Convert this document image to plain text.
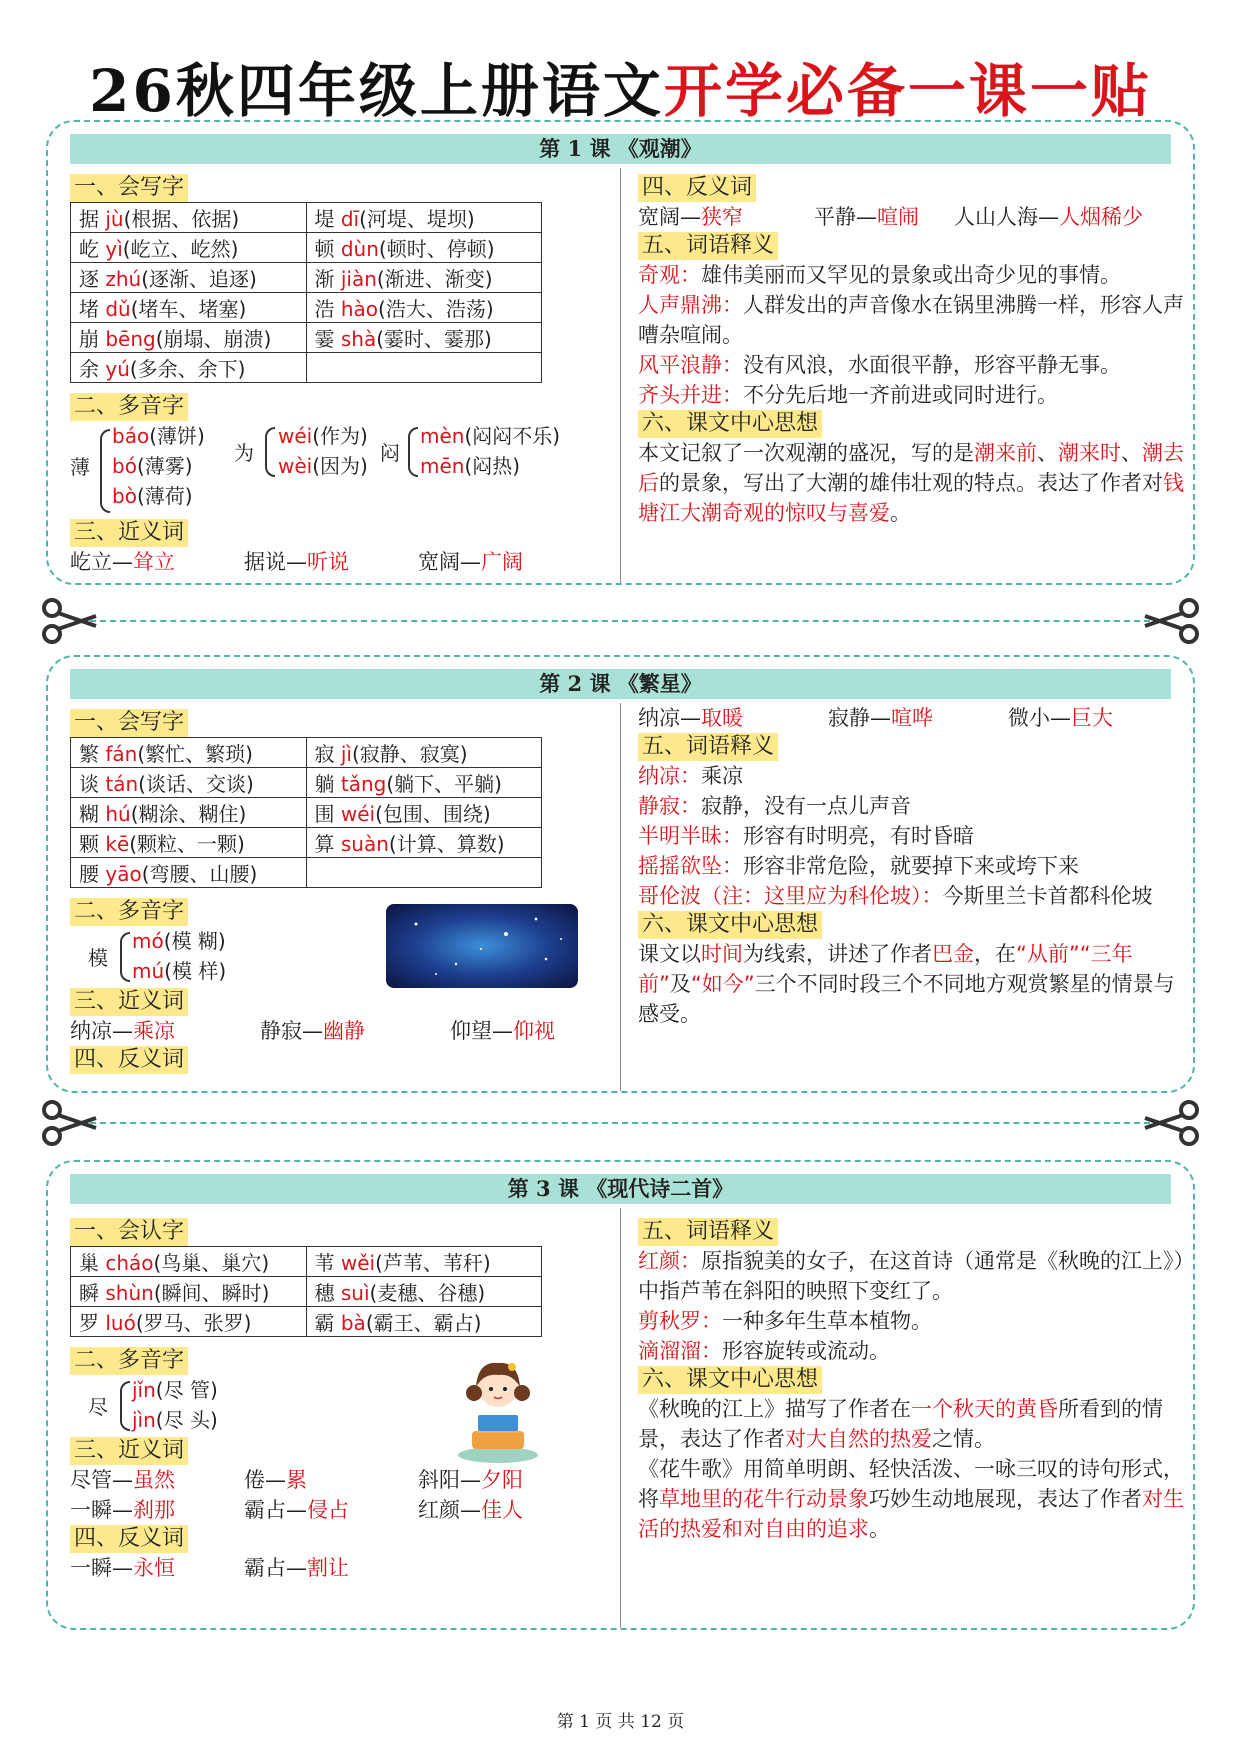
26秋四年级上册语文开学必备一课一贴
第 1 课 《观潮》
一、会写字
据 jù(根据、依据)	堤 dī(河堤、堤坝)
屹 yì(屹立、屹然)	顿 dùn(顿时、停顿)
逐 zhú(逐渐、追逐)	渐 jiàn(渐进、渐变)
堵 dǔ(堵车、堵塞)	浩 hào(浩大、浩荡)
崩 bēng(崩塌、崩溃)	霎 shà(霎时、霎那)
余 yú(多余、余下)	
二、多音字
薄
báo(薄饼)
bó(薄雾)
bò(薄荷)
为
wéi(作为)
wèi(因为)
闷
mèn(闷闷不乐)
mēn(闷热)
三、近义词
屹立—耸立	据说—听说	宽阔—广阔
四、反义词
宽阔—狭窄	平静—喧闹 人山人海—人烟稀少
五、词语释义
奇观：雄伟美丽而又罕见的景象或出奇少见的事情。
人声鼎沸：人群发出的声音像水在锅里沸腾一样，形容人声嘈杂喧闹。
风平浪静：没有风浪，水面很平静，形容平静无事。
齐头并进：不分先后地一齐前进或同时进行。
六、课文中心思想
本文记叙了一次观潮的盛况，写的是潮来前、潮来时、潮去后的景象，写出了大潮的雄伟壮观的特点。表达了作者对钱塘江大潮奇观的惊叹与喜爱。
第 2 课 《繁星》
一、会写字
繁 fán(繁忙、繁琐)	寂 jì(寂静、寂寞)
谈 tán(谈话、交谈)	躺 tǎng(躺下、平躺)
糊 hú(糊涂、糊住)	围 wéi(包围、围绕)
颗 kē(颗粒、一颗)	算 suàn(计算、算数)
腰 yāo(弯腰、山腰)	
二、多音字
模
mó(模 糊)
mú(模 样)
三、近义词
纳凉—乘凉	静寂—幽静	仰望—仰视
四、反义词
纳凉—取暖	寂静—喧哗	微小—巨大
五、词语释义
纳凉：乘凉
静寂：寂静，没有一点儿声音
半明半昧：形容有时明亮，有时昏暗
摇摇欲坠：形容非常危险，就要掉下来或垮下来
哥伦波（注：这里应为科伦坡）：今斯里兰卡首都科伦坡
六、课文中心思想
课文以时间为线索，讲述了作者巴金，在“从前”“三年前”及“如今”三个不同时段三个不同地方观赏繁星的情景与感受。
第 3 课 《现代诗二首》
一、会认字
巢 cháo(鸟巢、巢穴)	苇 wěi(芦苇、苇秆)
瞬 shùn(瞬间、瞬时)	穗 suì(麦穗、谷穗)
罗 luó(罗马、张罗)	霸 bà(霸王、霸占)
二、多音字
尽
jǐn(尽 管)
jìn(尽 头)
三、近义词
尽管—虽然	倦—累	斜阳—夕阳
一瞬—刹那	霸占—侵占	红颜—佳人
四、反义词
一瞬—永恒	霸占—割让
五、词语释义
红颜：原指貌美的女子，在这首诗（通常是《秋晚的江上》）中指芦苇在斜阳的映照下变红了。
剪秋罗：一种多年生草本植物。
滴溜溜：形容旋转或流动。
六、课文中心思想
《秋晚的江上》描写了作者在一个秋天的黄昏所看到的情景，表达了作者对大自然的热爱之情。
《花牛歌》用简单明朗、轻快活泼、一咏三叹的诗句形式，将草地里的花牛行动景象巧妙生动地展现，表达了作者对生活的热爱和对自由的追求。
第 1 页 共 12 页
